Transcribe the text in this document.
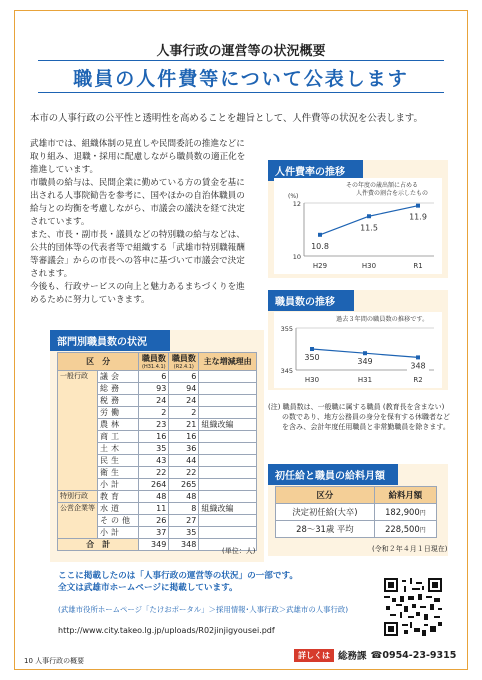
人事行政の運営等の状況概要
職員の人件費等について公表します
本市の人事行政の公平性と透明性を高めることを趣旨として、人件費等の状況を公表します。

武雄市では、組織体制の見直しや民間委託の推進などに取り組み、退職・採用に配慮しながら職員数の適正化を推進しています。

市職員の給与は、民間企業に勤めている方の賃金を基に出される人事院勧告を参考に、国やほかの自治体職員の給与との均衡を考慮しながら、市議会の議決を経て決定されています。

また、市長・副市長・議員などの特別職の給与などは、公共的団体等の代表者等で組織する「武雄市特別職報酬等審議会」からの市長への答申に基づいて市議会で決定されます。

今後も、行政サービスの向上と魅力あるまちづくりを進めるために努力していきます。

人件費率の推移
その年度の歳出額に占める
人件費の割合を示したもの
(%)
12
10
10.8
H29
11.5
H30
11.9
R1
職員数の推移
過去３年間の職員数の推移です。
355
345
350
H30
349
H31
348
R2
(注) 職員数は、一般職に属する職員 (教育長を含まない)
の数であり、地方公務員の身分を保有する休職者など
を含み、会計年度任用職員と非常勤職員を除きます。
部門別職員数の状況
区　分		職員数
(H31.4.1)	職員数
(R2.4.1)	主な増減理由
一般行政	議会	6	6	
	総務	93	94	
	税務	24	24	
	労働	2	2	
	農林	23	21	組織改編
	商工	16	16	
	土木	35	36	
	民生	43	44	
	衛生	22	22	
	小計	264	265	
特別行政	教育	48	48	
公営企業等	水道	11	8	組織改編
	その他	26	27	
	小計	37	35	
合　計		349	348	
(単位：人)
初任給と職員の給料月額
区分	給料月額
決定初任給(大卒)	182,900円
28～31歳 平均	228,500円
(令和２年４月１日現在)
ここに掲載したのは「人事行政の運営等の状況」の一部です。
全文は武雄市ホームページに掲載しています。
(武雄市役所ホームページ「たけおポータル」＞採用情報･人事行政＞武雄市の人事行政)
http://www.city.takeo.lg.jp/uploads/R02jinjigyousei.pdf
10 人事行政の概要
詳しくは 総務課 ☎0954-23-9315
